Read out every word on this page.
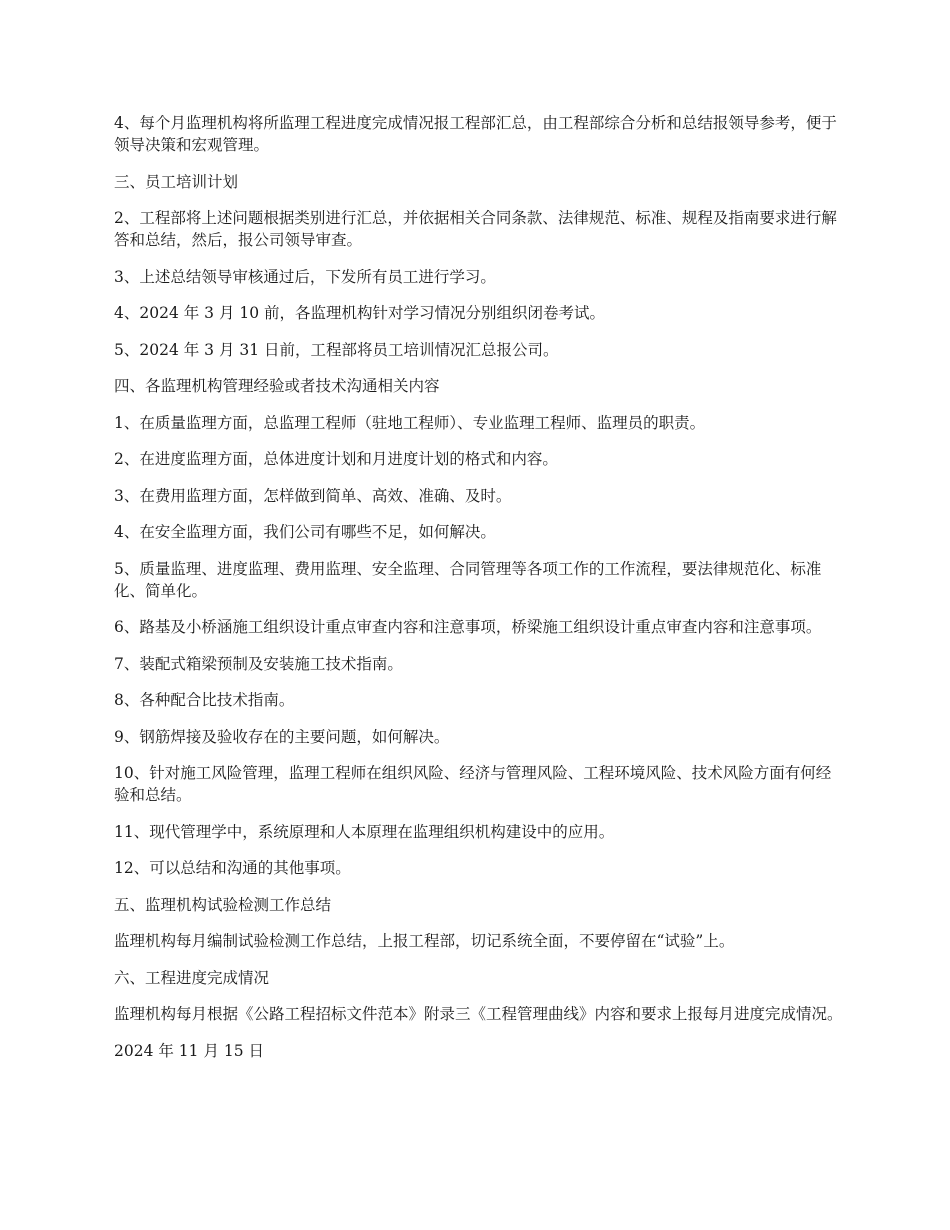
4、每个月监理机构将所监理工程进度完成情况报工程部汇总，由工程部综合分析和总结报领导参考，便于领导决策和宏观管理。

三、员工培训计划

2、工程部将上述问题根据类别进行汇总，并依据相关合同条款、法律规范、标准、规程及指南要求进行解答和总结，然后，报公司领导审查。

3、上述总结领导审核通过后，下发所有员工进行学习。

4、2024 年 3 月 10 前，各监理机构针对学习情况分别组织闭卷考试。

5、2024 年 3 月 31 日前，工程部将员工培训情况汇总报公司。

四、各监理机构管理经验或者技术沟通相关内容

1、在质量监理方面，总监理工程师（驻地工程师）、专业监理工程师、监理员的职责。

2、在进度监理方面，总体进度计划和月进度计划的格式和内容。

3、在费用监理方面，怎样做到简单、高效、准确、及时。

4、在安全监理方面，我们公司有哪些不足，如何解决。

5、质量监理、进度监理、费用监理、安全监理、合同管理等各项工作的工作流程，要法律规范化、标准化、简单化。

6、路基及小桥涵施工组织设计重点审查内容和注意事项，桥梁施工组织设计重点审查内容和注意事项。

7、装配式箱梁预制及安装施工技术指南。

8、各种配合比技术指南。

9、钢筋焊接及验收存在的主要问题，如何解决。

10、针对施工风险管理，监理工程师在组织风险、经济与管理风险、工程环境风险、技术风险方面有何经验和总结。

11、现代管理学中，系统原理和人本原理在监理组织机构建设中的应用。

12、可以总结和沟通的其他事项。

五、监理机构试验检测工作总结

监理机构每月编制试验检测工作总结，上报工程部，切记系统全面，不要停留在“试验”上。

六、工程进度完成情况

监理机构每月根据《公路工程招标文件范本》附录三《工程管理曲线》内容和要求上报每月进度完成情况。

2024 年 11 月 15 日
